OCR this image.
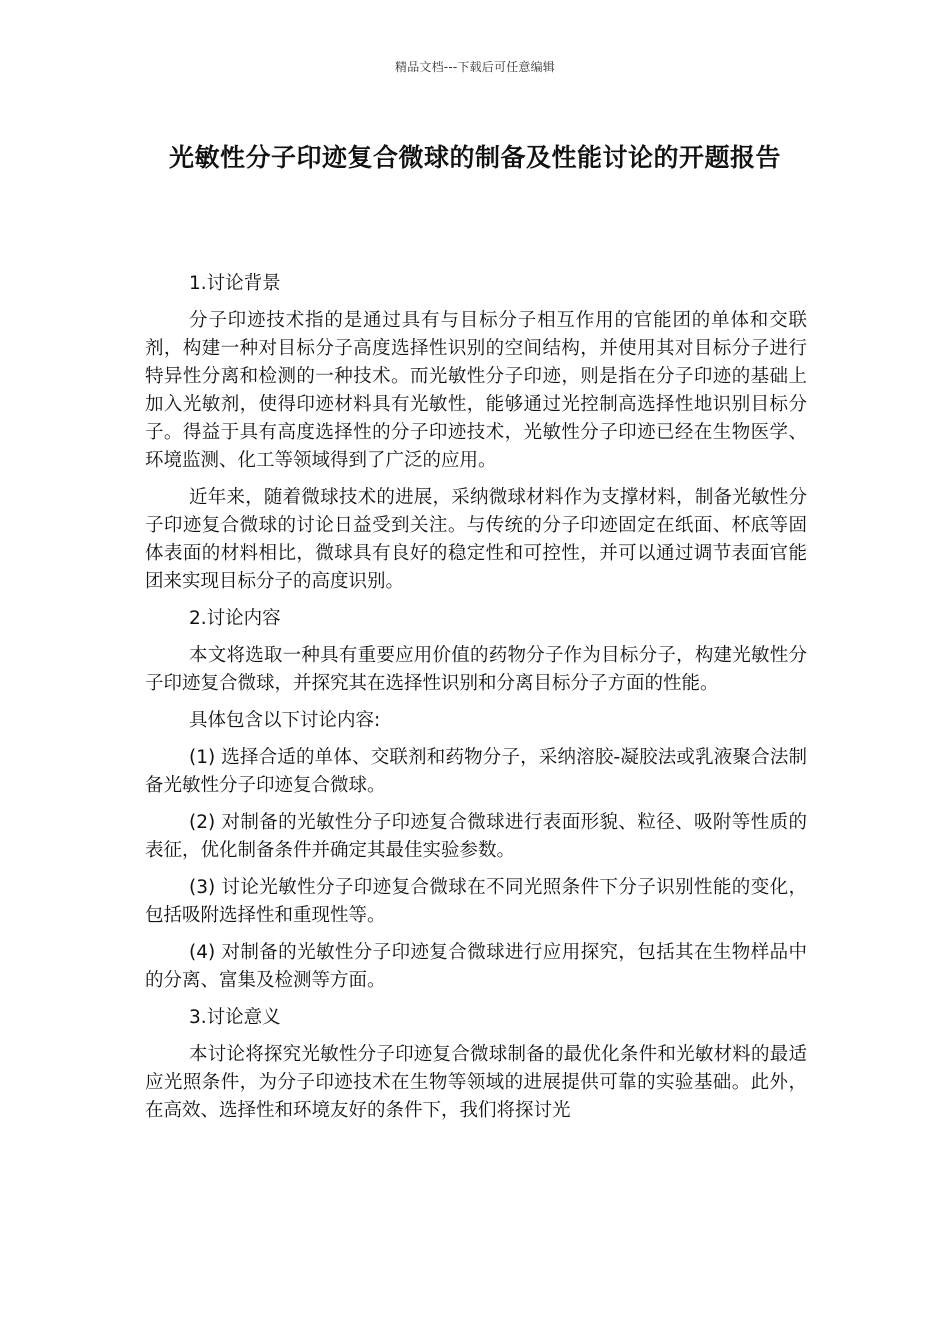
精品文档---下载后可任意编辑
光敏性分子印迹复合微球的制备及性能讨论的开题报告

1.讨论背景

分子印迹技术指的是通过具有与目标分子相互作用的官能团的单体和交联剂，构建一种对目标分子高度选择性识别的空间结构，并使用其对目标分子进行特异性分离和检测的一种技术。而光敏性分子印迹，则是指在分子印迹的基础上加入光敏剂，使得印迹材料具有光敏性，能够通过光控制高选择性地识别目标分子。得益于具有高度选择性的分子印迹技术，光敏性分子印迹已经在生物医学、环境监测、化工等领域得到了广泛的应用。

近年来，随着微球技术的进展，采纳微球材料作为支撑材料，制备光敏性分子印迹复合微球的讨论日益受到关注。与传统的分子印迹固定在纸面、杯底等固体表面的材料相比，微球具有良好的稳定性和可控性，并可以通过调节表面官能团来实现目标分子的高度识别。

2.讨论内容

本文将选取一种具有重要应用价值的药物分子作为目标分子，构建光敏性分子印迹复合微球，并探究其在选择性识别和分离目标分子方面的性能。

具体包含以下讨论内容:

(1) 选择合适的单体、交联剂和药物分子，采纳溶胶-凝胶法或乳液聚合法制备光敏性分子印迹复合微球。

(2) 对制备的光敏性分子印迹复合微球进行表面形貌、粒径、吸附等性质的表征，优化制备条件并确定其最佳实验参数。

(3) 讨论光敏性分子印迹复合微球在不同光照条件下分子识别性能的变化，包括吸附选择性和重现性等。

(4) 对制备的光敏性分子印迹复合微球进行应用探究，包括其在生物样品中的分离、富集及检测等方面。

3.讨论意义

本讨论将探究光敏性分子印迹复合微球制备的最优化条件和光敏材料的最适应光照条件，为分子印迹技术在生物等领域的进展提供可靠的实验基础。此外，在高效、选择性和环境友好的条件下，我们将探讨光
